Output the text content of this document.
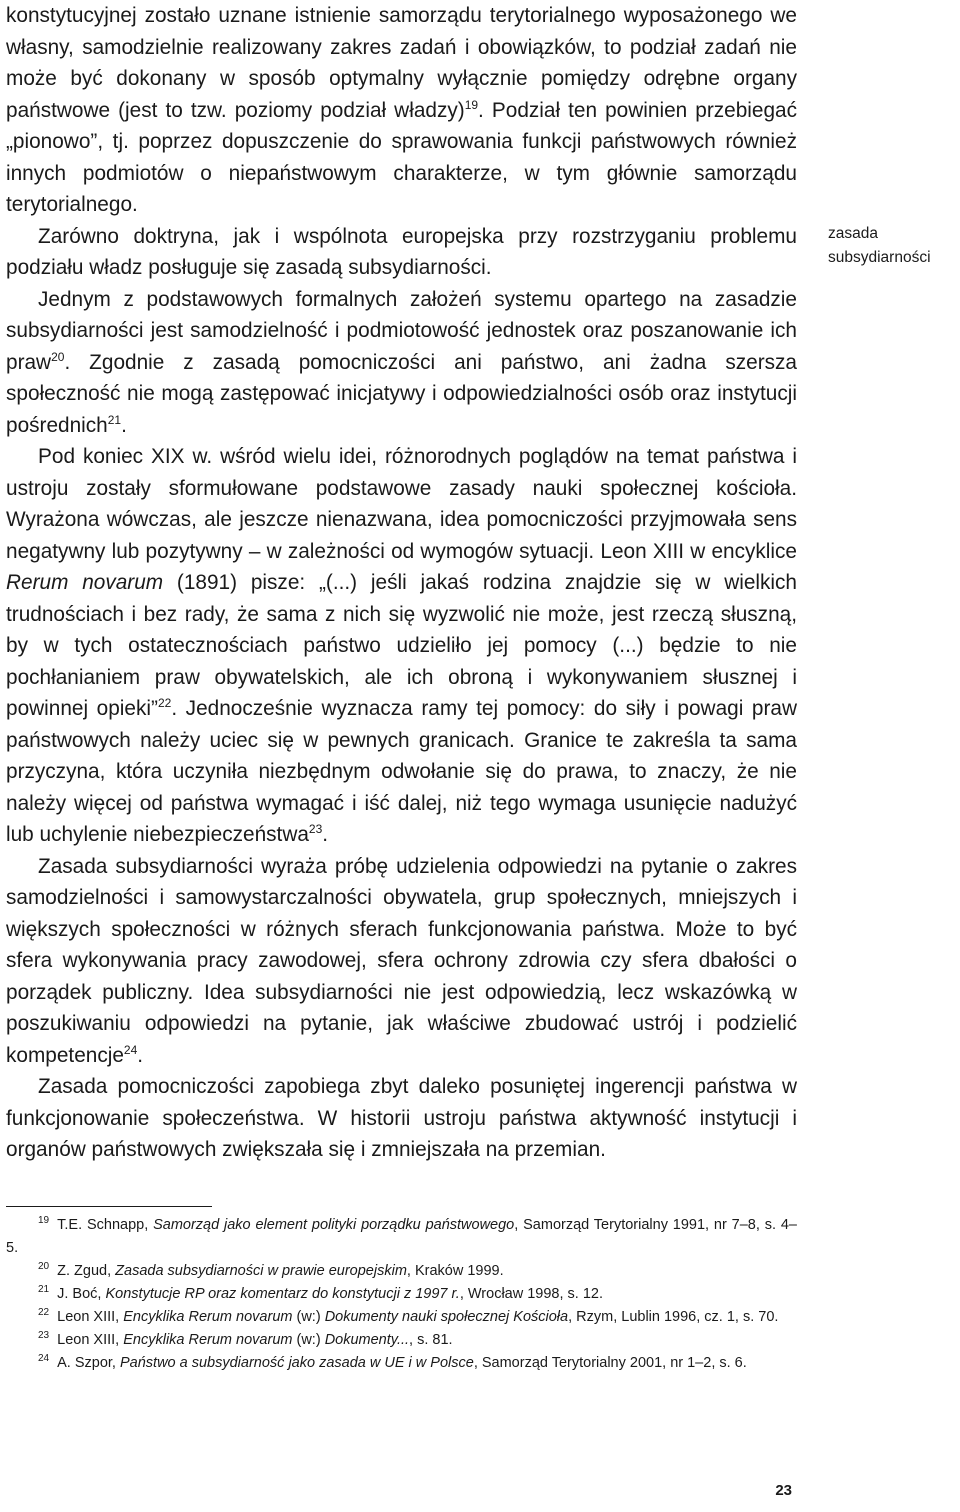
konstytucyjnej zostało uznane istnienie samorządu terytorialnego wyposażonego we własny, samodzielnie realizowany zakres zadań i obowiązków, to podział zadań nie może być dokonany w sposób optymalny wyłącznie pomiędzy odrębne organy państwowe (jest to tzw. poziomy podział władzy)$^{19}$. Podział ten powinien przebiegać „pionowo”, tj. poprzez dopuszczenie do sprawowania funkcji państwowych również innych podmiotów o niepaństwowym charakterze, w tym głównie samorządu terytorialnego.

Zarówno doktryna, jak i wspólnota europejska przy rozstrzyganiu problemu podziału władz posługuje się zasadą subsydiarności.

Jednym z podstawowych formalnych założeń systemu opartego na zasadzie subsydiarności jest samodzielność i podmiotowość jednostek oraz poszanowanie ich praw$^{20}$. Zgodnie z zasadą pomocniczości ani państwo, ani żadna szersza społeczność nie mogą zastępować inicjatywy i odpowiedzialności osób oraz instytucji pośrednich$^{21}$.

Pod koniec XIX w. wśród wielu idei, różnorodnych poglądów na temat państwa i ustroju zostały sformułowane podstawowe zasady nauki społecznej kościoła. Wyrażona wówczas, ale jeszcze nienazwana, idea pomocniczości przyjmowała sens negatywny lub pozytywny – w zależności od wymogów sytuacji. Leon XIII w encyklice Rerum novarum (1891) pisze: „(...) jeśli jakaś rodzina znajdzie się w wielkich trudnościach i bez rady, że sama z nich się wyzwolić nie może, jest rzeczą słuszną, by w tych ostatecznościach państwo udzieliło jej pomocy (...) będzie to nie pochłanianiem praw obywatelskich, ale ich obroną i wykonywaniem słusznej i powinnej opieki”$^{22}$. Jednocześnie wyznacza ramy tej pomocy: do siły i powagi praw państwowych należy uciec się w pewnych granicach. Granice te zakreśla ta sama przyczyna, która uczyniła niezbędnym odwołanie się do prawa, to znaczy, że nie należy więcej od państwa wymagać i iść dalej, niż tego wymaga usunięcie nadużyć lub uchylenie niebezpieczeństwa$^{23}$.

Zasada subsydiarności wyraża próbę udzielenia odpowiedzi na pytanie o zakres samodzielności i samowystarczalności obywatela, grup społecznych, mniejszych i większych społeczności w różnych sferach funkcjonowania państwa. Może to być sfera wykonywania pracy zawodowej, sfera ochrony zdrowia czy sfera dbałości o porządek publiczny. Idea subsydiarności nie jest odpowiedzią, lecz wskazówką w poszukiwaniu odpowiedzi na pytanie, jak właściwe zbudować ustrój i podzielić kompetencje$^{24}$.

Zasada pomocniczości zapobiega zbyt daleko posuniętej ingerencji państwa w funkcjonowanie społeczeństwa. W historii ustroju państwa aktywność instytucji i organów państwowych zwiększała się i zmniejszała na przemian.

zasada
subsydiarności

$^{19}$ T.E. Schnapp, Samorząd jako element polityki porządku państwowego, Samorząd Terytorialny 1991, nr 7–8, s. 4–5.

$^{20}$ Z. Zgud, Zasada subsydiarności w prawie europejskim, Kraków 1999.

$^{21}$ J. Boć, Konstytucje RP oraz komentarz do konstytucji z 1997 r., Wrocław 1998, s. 12.

$^{22}$ Leon XIII, Encyklika Rerum novarum (w:) Dokumenty nauki społecznej Kościoła, Rzym, Lublin 1996, cz. 1, s. 70.

$^{23}$ Leon XIII, Encyklika Rerum novarum (w:) Dokumenty..., s. 81.

$^{24}$ A. Szpor, Państwo a subsydiarność jako zasada w UE i w Polsce, Samorząd Terytorialny 2001, nr 1–2, s. 6.

23
